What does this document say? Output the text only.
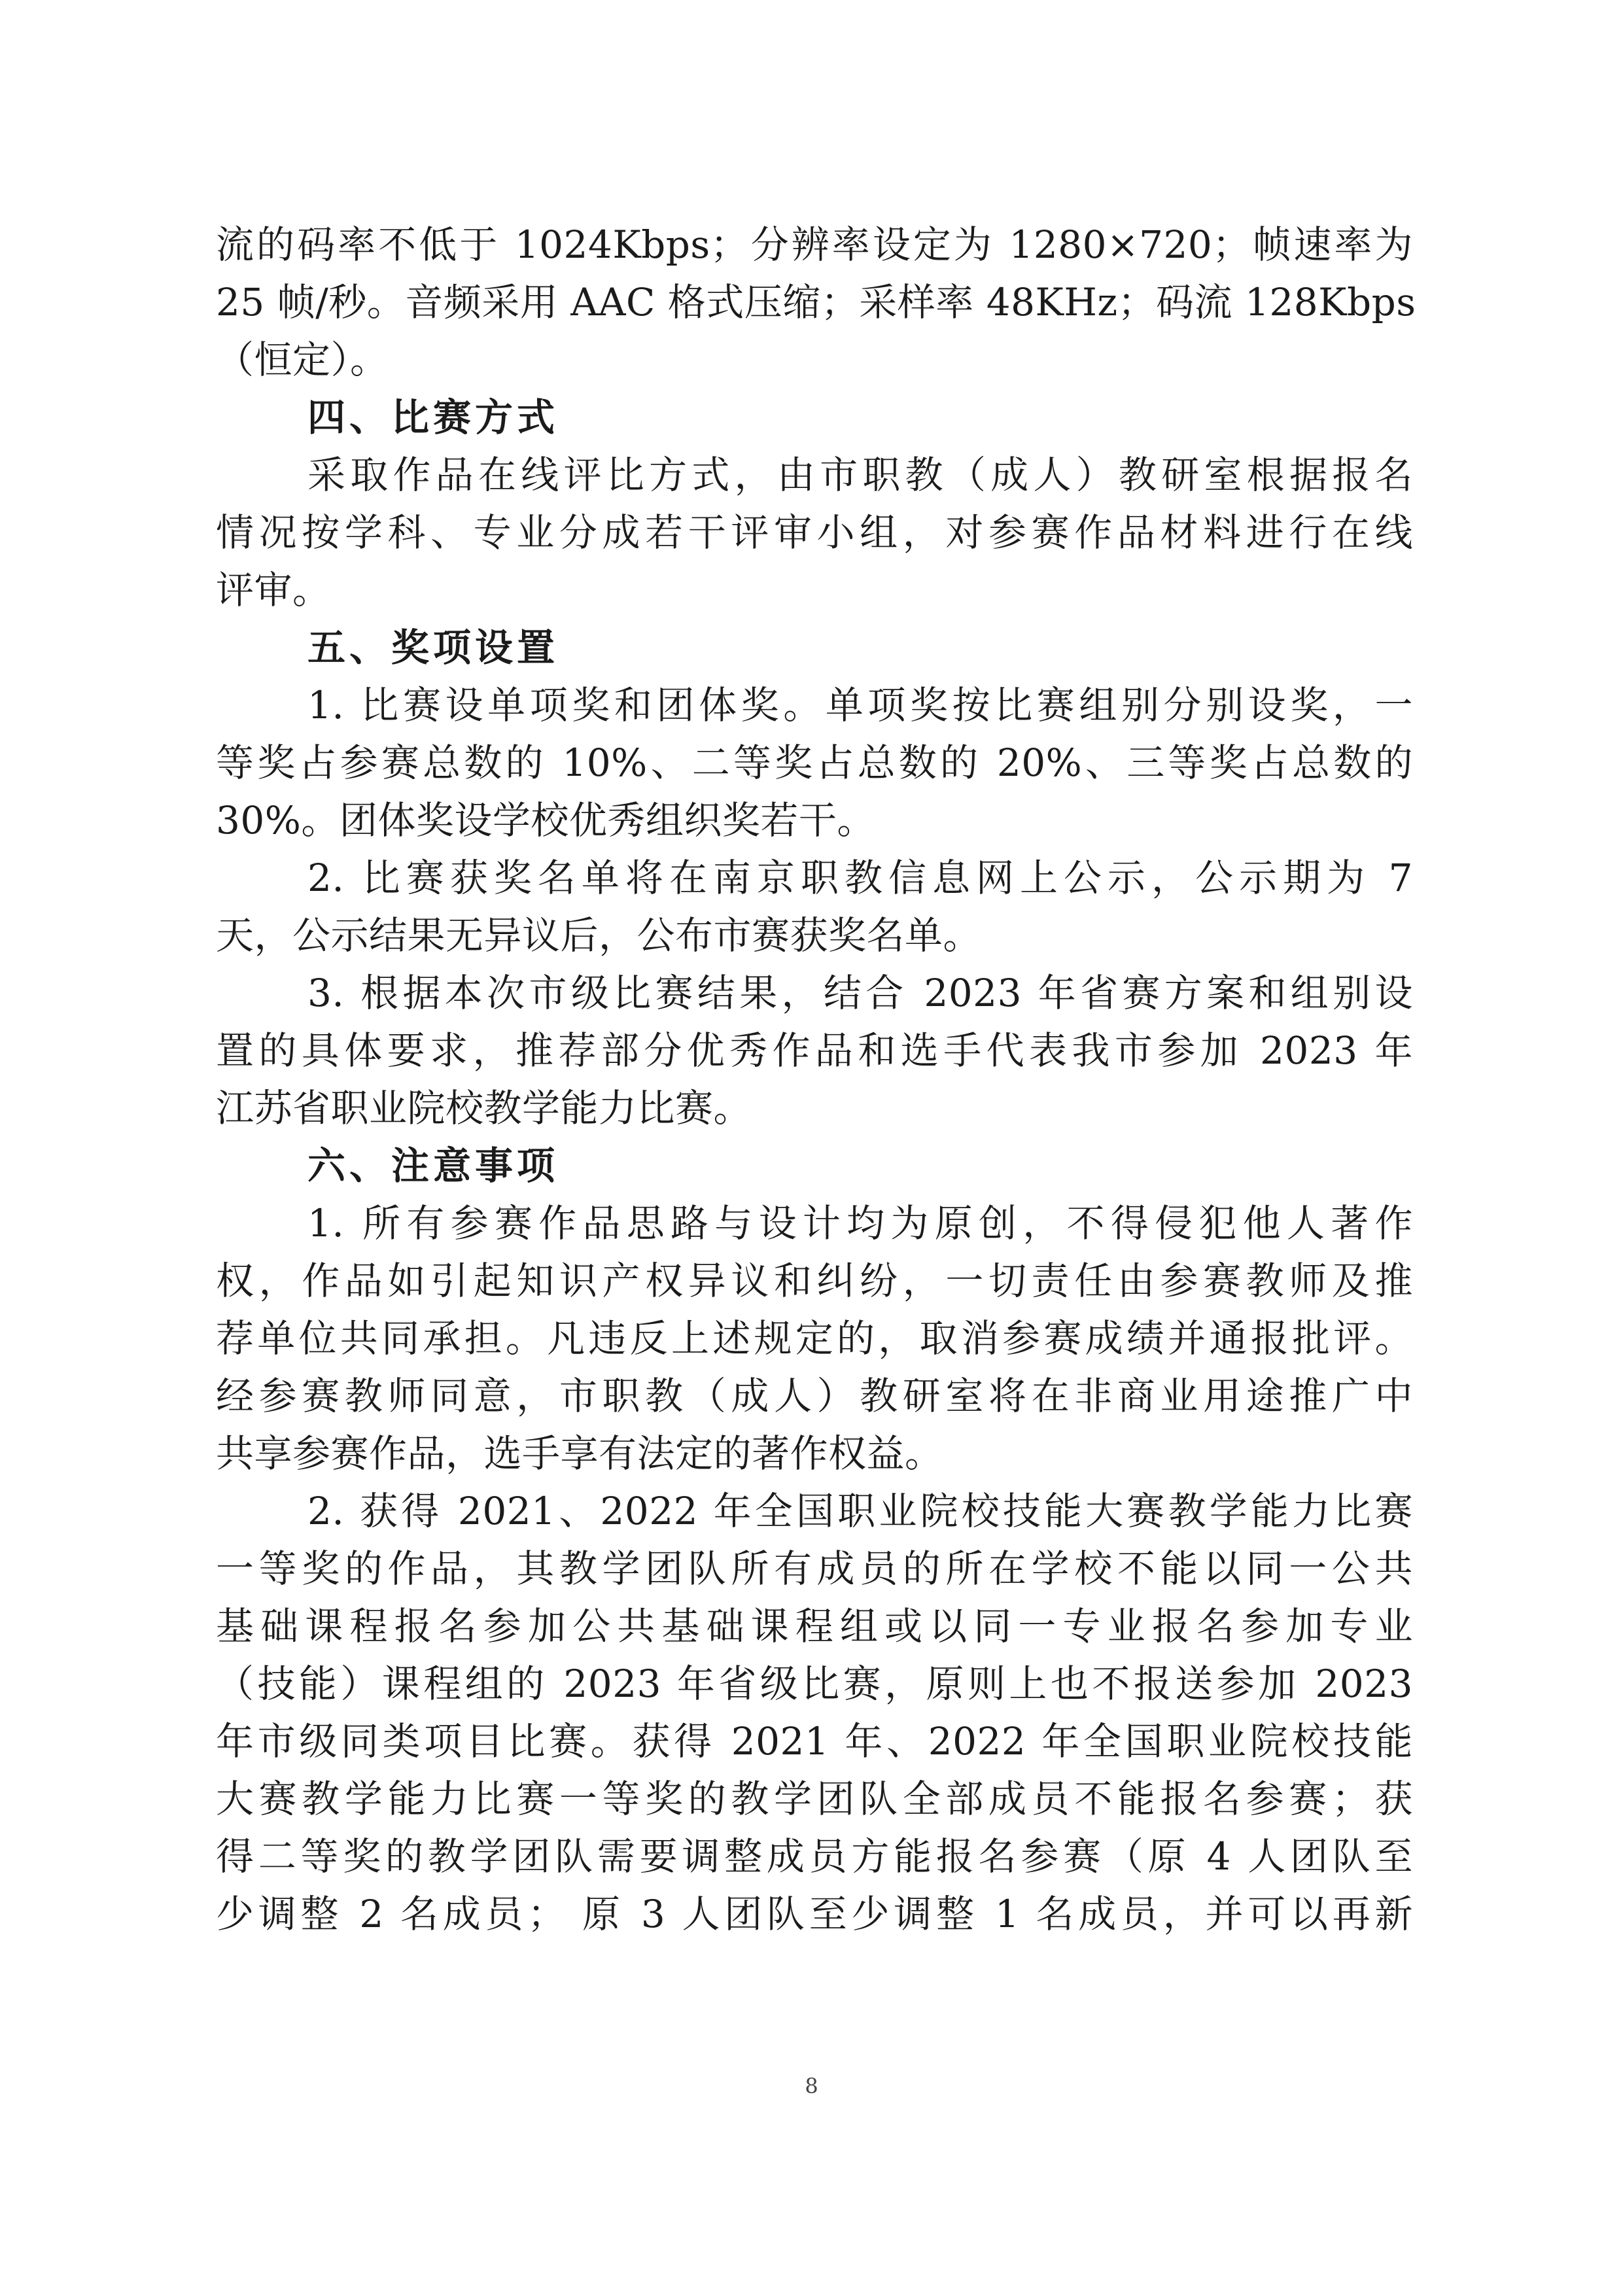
流的码率不低于 1024Kbps；分辨率设定为 1280×720；帧速率为
25 帧/秒。音频采用 AAC 格式压缩；采样率 48KHz；码流 128Kbps
（恒定）。
四、比赛方式
采取作品在线评比方式，由市职教（成人）教研室根据报名
情况按学科、专业分成若干评审小组，对参赛作品材料进行在线
评审。
五、奖项设置
1. 比赛设单项奖和团体奖。单项奖按比赛组别分别设奖，一
等奖占参赛总数的 10%、二等奖占总数的 20%、三等奖占总数的
30%。团体奖设学校优秀组织奖若干。
2. 比赛获奖名单将在南京职教信息网上公示，公示期为 7
天，公示结果无异议后，公布市赛获奖名单。
3. 根据本次市级比赛结果，结合 2023 年省赛方案和组别设
置的具体要求，推荐部分优秀作品和选手代表我市参加 2023 年
江苏省职业院校教学能力比赛。
六、注意事项
1. 所有参赛作品思路与设计均为原创，不得侵犯他人著作
权，作品如引起知识产权异议和纠纷，一切责任由参赛教师及推
荐单位共同承担。凡违反上述规定的，取消参赛成绩并通报批评。
经参赛教师同意，市职教（成人）教研室将在非商业用途推广中
共享参赛作品，选手享有法定的著作权益。
2. 获得 2021、2022 年全国职业院校技能大赛教学能力比赛
一等奖的作品，其教学团队所有成员的所在学校不能以同一公共
基础课程报名参加公共基础课程组或以同一专业报名参加专业
（技能）课程组的 2023 年省级比赛，原则上也不报送参加 2023
年市级同类项目比赛。获得 2021 年、2022 年全国职业院校技能
大赛教学能力比赛一等奖的教学团队全部成员不能报名参赛；获
得二等奖的教学团队需要调整成员方能报名参赛（原 4 人团队至
少调整 2 名成员； 原 3 人团队至少调整 1 名成员，并可以再新
8
